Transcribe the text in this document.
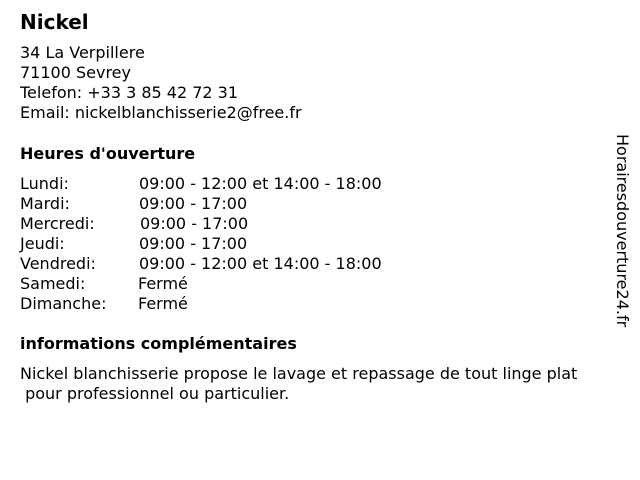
Nickel
34 La Verpillere
71100 Sevrey
Telefon: +33 3 85 42 72 31
Email: nickelblanchisserie2@free.fr
Heures d'ouverture
Lundi:	09:00 - 12:00 et 14:00 - 18:00
Mardi:	09:00 - 17:00
Mercredi:	09:00 - 17:00
Jeudi:	09:00 - 17:00
Vendredi:	09:00 - 12:00 et 14:00 - 18:00
Samedi:	Fermé
Dimanche: Fermé
informations complémentaires
Nickel blanchisserie propose le lavage et repassage de tout linge plat
pour professionnel ou particulier.
Horairesdouverture24.fr
